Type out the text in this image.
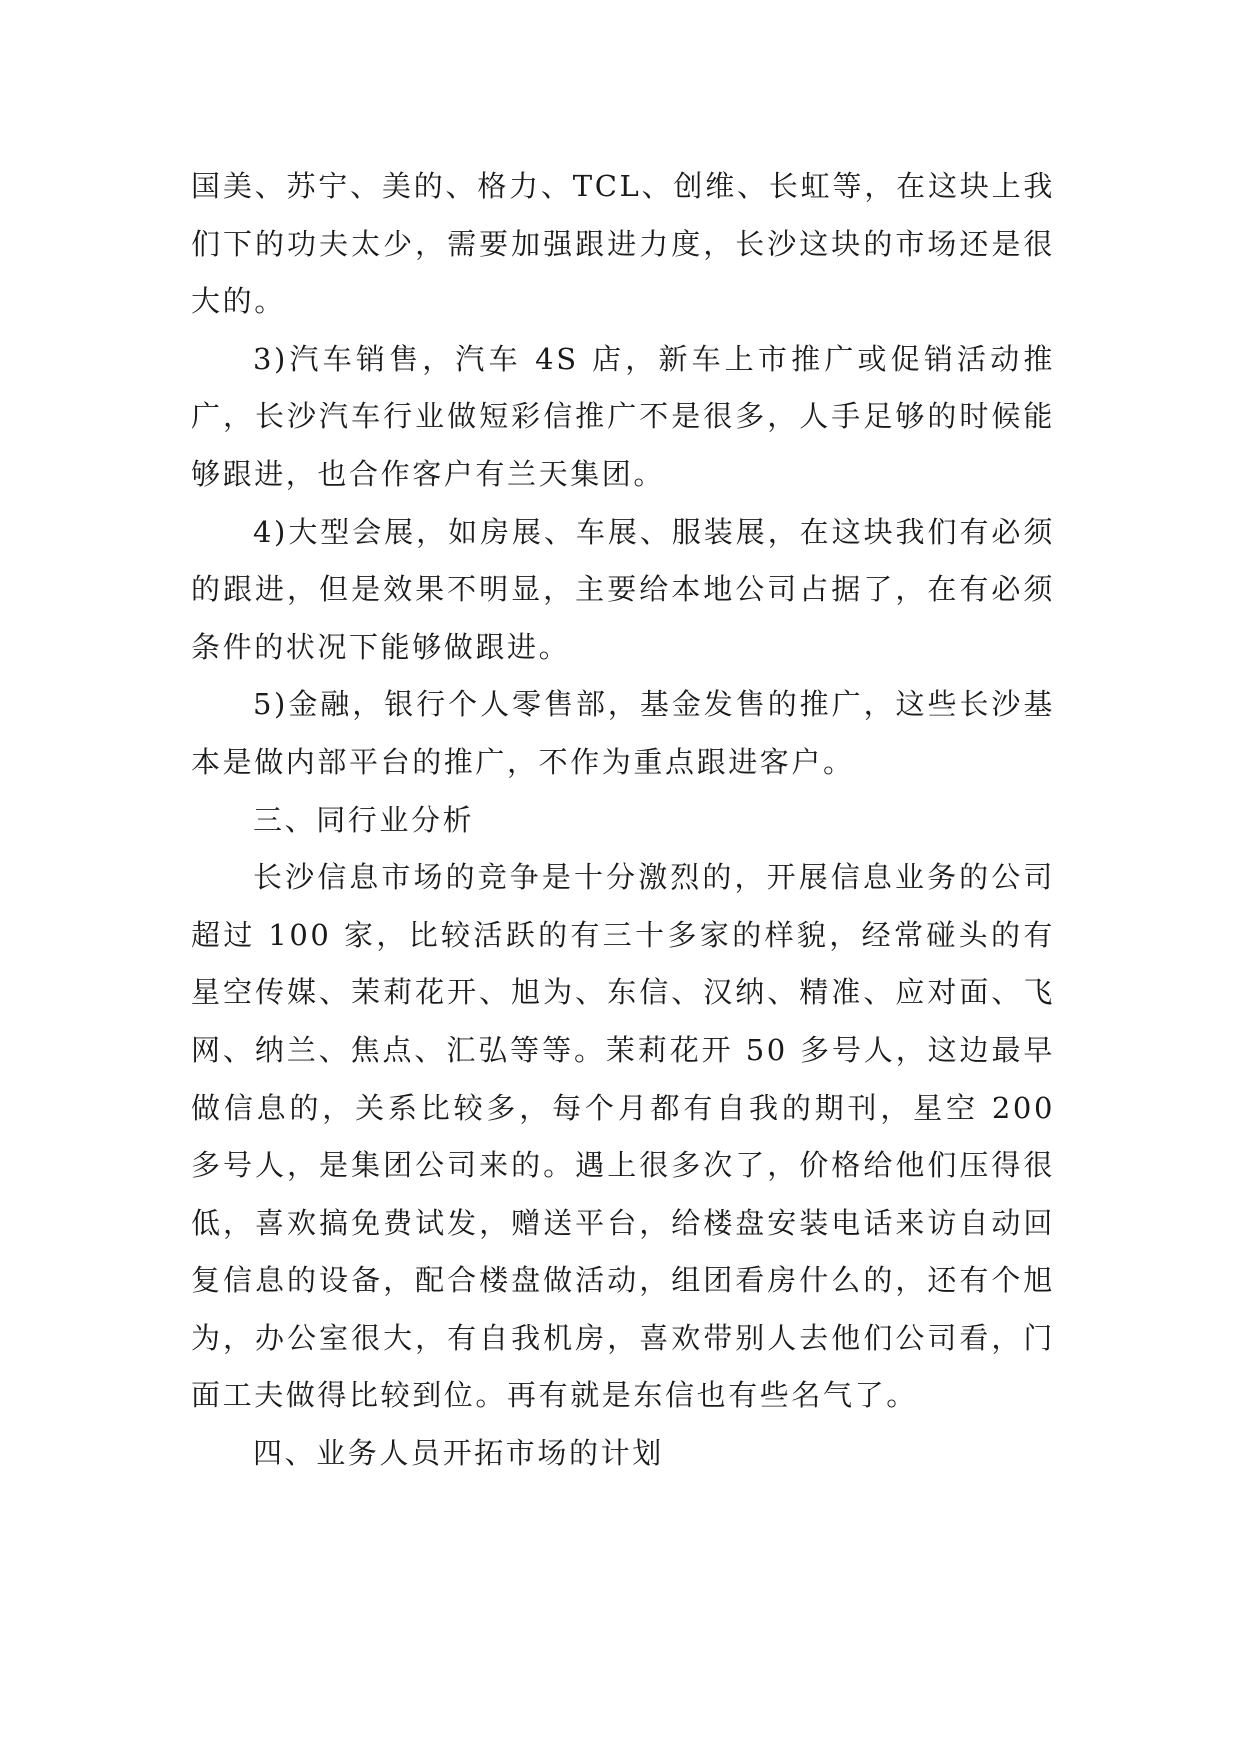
国美、苏宁、美的、格力、TCL、创维、长虹等，在这块上我们下的功夫太少，需要加强跟进力度，长沙这块的市场还是很大的。

3)汽车销售，汽车 4S 店，新车上市推广或促销活动推广，长沙汽车行业做短彩信推广不是很多，人手足够的时候能够跟进，也合作客户有兰天集团。

4)大型会展，如房展、车展、服装展，在这块我们有必须的跟进，但是效果不明显，主要给本地公司占据了，在有必须条件的状况下能够做跟进。

5)金融，银行个人零售部，基金发售的推广，这些长沙基本是做内部平台的推广，不作为重点跟进客户。

三、同行业分析

长沙信息市场的竞争是十分激烈的，开展信息业务的公司超过 100 家，比较活跃的有三十多家的样貌，经常碰头的有星空传媒、茉莉花开、旭为、东信、汉纳、精准、应对面、飞网、纳兰、焦点、汇弘等等。茉莉花开 50 多号人，这边最早做信息的，关系比较多，每个月都有自我的期刊，星空 200 多号人，是集团公司来的。遇上很多次了，价格给他们压得很低，喜欢搞免费试发，赠送平台，给楼盘安装电话来访自动回复信息的设备，配合楼盘做活动，组团看房什么的，还有个旭为，办公室很大，有自我机房，喜欢带别人去他们公司看，门面工夫做得比较到位。再有就是东信也有些名气了。

四、业务人员开拓市场的计划
